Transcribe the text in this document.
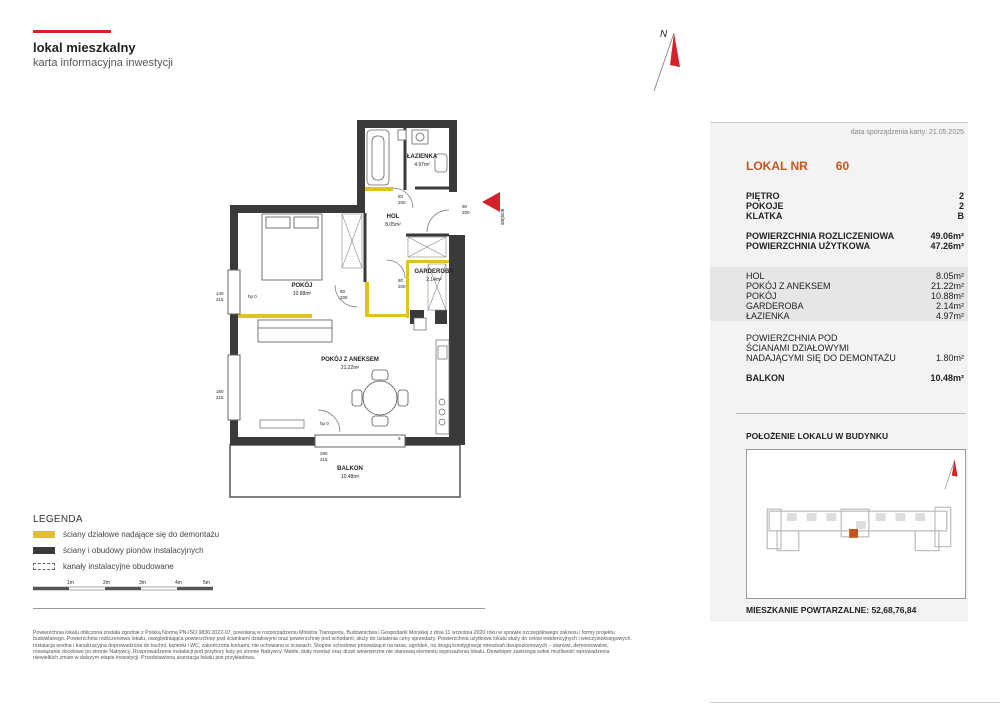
lokal mieszkalny
karta informacyjna inwestycji
N
wejście
ŁAZIENKA
4.97m²
HOL
8.05m²
POKÓJ
10.88m²
GARDEROBA
2.14m²
POKÓJ Z ANEKSEM
21.22m²
BALKON
10.48m²
80
200
90
200
80
200
80
200
140
215
160
215
hp 0
hp 0
280
215
9
LEGENDA
ściany działowe nadające się do demontażu
ściany i obudowy pionów instalacyjnych
kanały instalacyjne obudowane
1m	2m	3m	4m	5m
Powierzchnia lokalu obliczona została zgodnie z Polską Normą PN-ISO 9836:2022-07, powołaną w rozporządzeniu Ministra Transportu, Budownictwa i Gospodarki Morskiej z dnia 11 września 2020 roku w sprawie szczegółowego zakresu i formy projektu budowlanego. Powierzchnia rozliczeniowa lokalu, uwzględniająca powierzchnię pod ściankami działowymi oraz powierzchnię pod schodami, służy do ustalenia ceny sprzedaży. Powierzchnia użytkowa lokalu służy do celów ewidencyjnych i wieczystoksięgowych. Instalacja wodna i kanalizacyjna doprowadzona do kuchni, łazienki i WC, zakończona korkami, nie uchowana w ścianach. Stopnie schodowe prowadzące na taras, ogródek, na drugą kondygnację mieszkań dwupoziomowych – stanowi, demontowalne, rozwiązanie docelowe po stronie Nabywcy. Rozprowadzenie instalacji pod przybory leży po stronie Nabywcy. Meble, biały montaż oraz drzwi wewnętrzne nie stanowią elementu wyposażenia lokalu. Deweloper zastrzega sobie możliwość wprowadzenia niewielkich zmian w dalszym etapie inwestycji. Przedstawiona aranżacja lokalu jest przykładowa.
data sporządzenia karty: 21.05.2025
LOKAL NR 60
PIĘTRO	2
POKOJE	2
KLATKA	B
POWIERZCHNIA ROZLICZENIOWA	49.06m²
POWIERZCHNIA UŻYTKOWA	47.26m²
HOL	8.05m²
POKÓJ Z ANEKSEM	21.22m²
POKÓJ	10.88m²
GARDEROBA	2.14m²
ŁAZIENKA	4.97m²
POWIERZCHNIA POD
ŚCIANAMI DZIAŁOWYMI
NADAJĄCYMI SIĘ DO DEMONTAŻU	1.80m²
BALKON	10.48m²
POŁOŻENIE LOKALU W BUDYNKU
MIESZKANIE POWTARZALNE: 52,68,76,84
